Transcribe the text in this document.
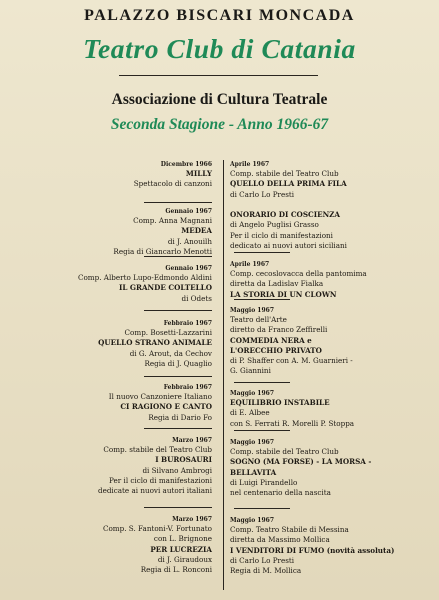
PALAZZO BISCARI MONCADA
Teatro Club di Catania
Associazione di Cultura Teatrale
Seconda Stagione - Anno 1966-67
Dicembre 1966
MILLY
Spettacolo di canzoni
Gennaio 1967
Comp. Anna Magnani
MEDEA
di J. Anouilh
Regia di Giancarlo Menotti
Gennaio 1967
Comp. Alberto Lupo-Edmondo Aldini
IL GRANDE COLTELLO
di Odets
Febbraio 1967
Comp. Bosetti-Lazzarini
QUELLO STRANO ANIMALE
di G. Arout, da Cechov
Regia di J. Quaglio
Febbraio 1967
Il nuovo Canzoniere Italiano
CI RAGIONO E CANTO
Regia di Dario Fo
Marzo 1967
Comp. stabile del Teatro Club
I BUROSAURI
di Silvano Ambrogi
Per il ciclo di manifestazioni
dedicate ai nuovi autori italiani
Marzo 1967
Comp. S. Fantoni-V. Fortunato
con L. Brignone
PER LUCREZIA
di J. Giraudoux
Regia di L. Ronconi
Aprile 1967
Comp. stabile del Teatro Club
QUELLO DELLA PRIMA FILA
di Carlo Lo Presti

ONORARIO DI COSCIENZA
di Angelo Puglisi Grasso
Per il ciclo di manifestazioni
dedicato ai nuovi autori siciliani
Aprile 1967
Comp. cecoslovacca della pantomima
diretta da Ladislav Fialka
LA STORIA DI UN CLOWN
Maggio 1967
Teatro dell'Arte
diretto da Franco Zeffirelli
COMMEDIA NERA e
L'ORECCHIO PRIVATO
di P. Shaffer con A. M. Guarnieri -
G. Giannini
Maggio 1967
EQUILIBRIO INSTABILE
di E. Albee
con S. Ferrati R. Morelli P. Stoppa
Maggio 1967
Comp. stabile del Teatro Club
SOGNO (MA FORSE) - LA MORSA -
BELLAVITA
di Luigi Pirandello
nel centenario della nascita
Maggio 1967
Comp. Teatro Stabile di Messina
diretta da Massimo Mollica
I VENDITORI DI FUMO (novità assoluta)
di Carlo Lo Presti
Regia di M. Mollica
